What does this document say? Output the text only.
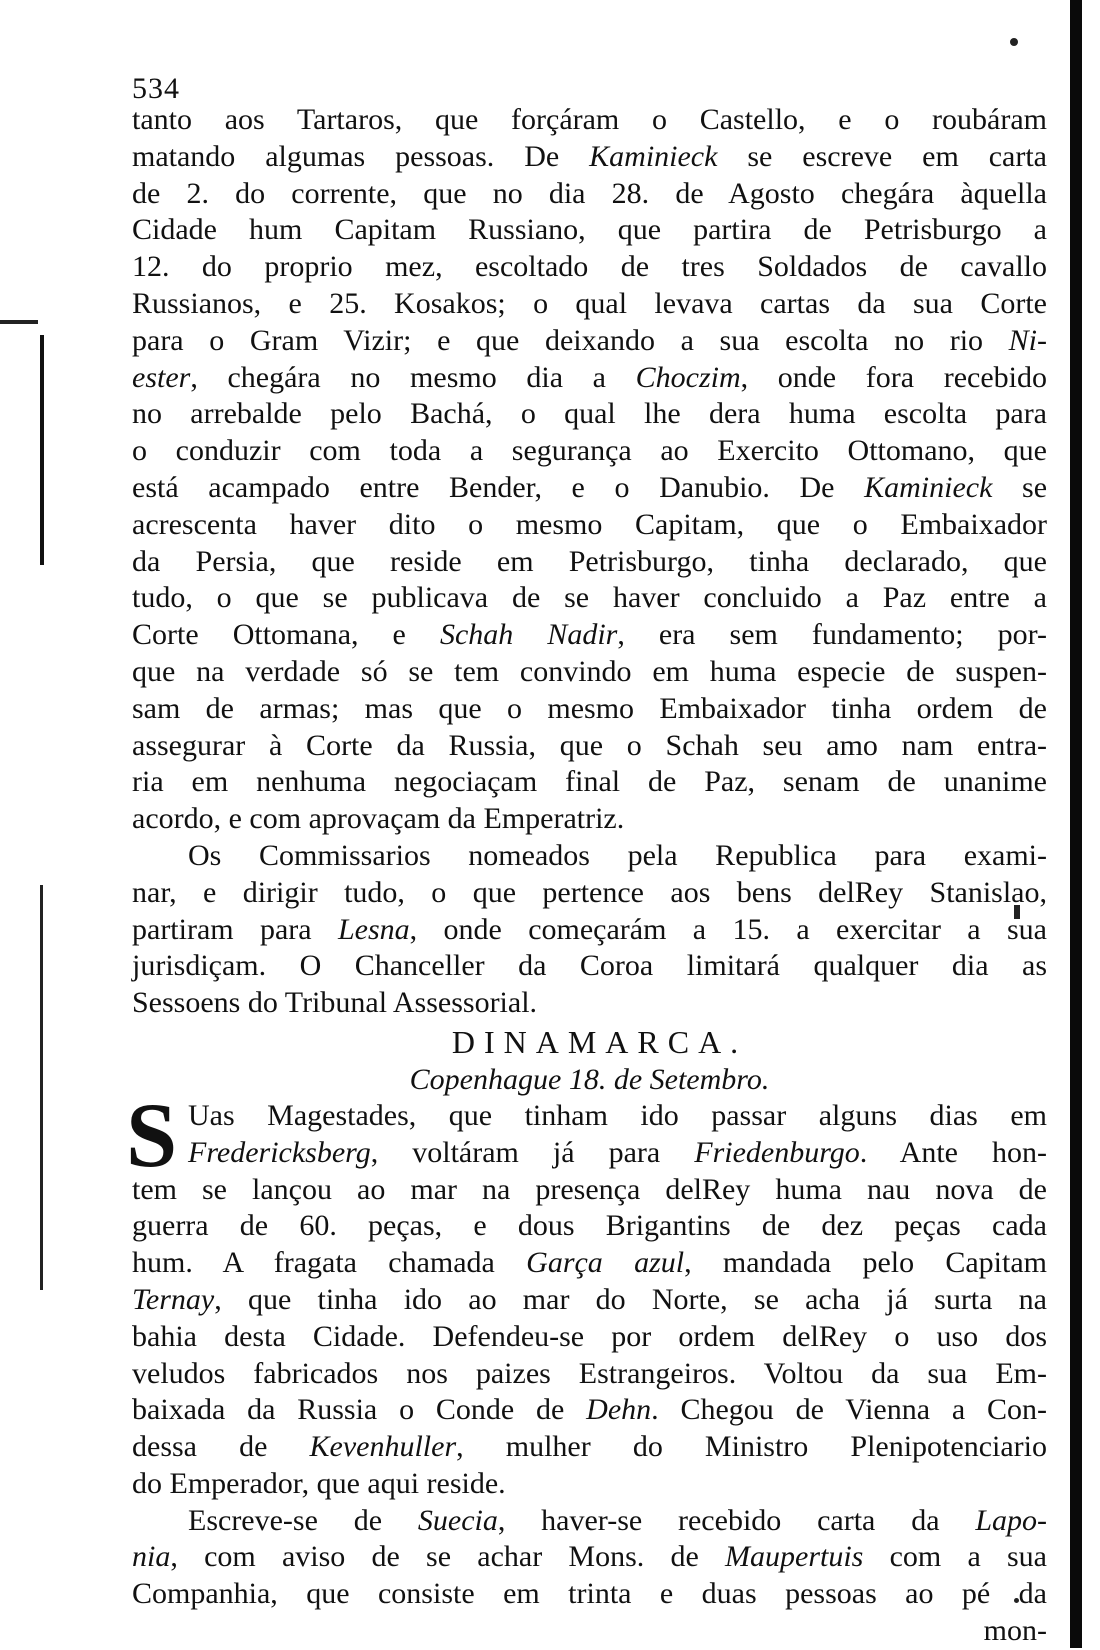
534
tanto aos Tartaros, que forçáram o Castello, e o roubáram
matando algumas pessoas. De Kaminieck se escreve em carta
de 2. do corrente, que no dia 28. de Agosto chegára àquella
Cidade hum Capitam Russiano, que partira de Petrisburgo a
12. do proprio mez, escoltado de tres Soldados de cavallo
Russianos, e 25. Kosakos; o qual levava cartas da sua Corte
para o Gram Vizir; e que deixando a sua escolta no rio Ni-
ester, chegára no mesmo dia a Choczim, onde fora recebido
no arrebalde pelo Bachá, o qual lhe dera huma escolta para
o conduzir com toda a segurança ao Exercito Ottomano, que
está acampado entre Bender, e o Danubio. De Kaminieck se
acrescenta haver dito o mesmo Capitam, que o Embaixador
da Persia, que reside em Petrisburgo, tinha declarado, que
tudo, o que se publicava de se haver concluido a Paz entre a
Corte Ottomana, e Schah Nadir, era sem fundamento; por-
que na verdade só se tem convindo em huma especie de suspen-
sam de armas; mas que o mesmo Embaixador tinha ordem de
assegurar à Corte da Russia, que o Schah seu amo nam entra-
ria em nenhuma negociaçam final de Paz, senam de unanime
acordo, e com aprovaçam da Emperatriz.
Os Commissarios nomeados pela Republica para exami-
nar, e dirigir tudo, o que pertence aos bens delRey Stanislao,
partiram para Lesna, onde começarám a 15. a exercitar a sua
jurisdiçam. O Chanceller da Coroa limitará qualquer dia as
Sessoens do Tribunal Assessorial.
DINAMARCA.
Copenhague 18. de Setembro.
S Uas Magestades, que tinham ido passar alguns dias em
Fredericksberg, voltáram já para Friedenburgo. Ante hon-
tem se lançou ao mar na presença delRey huma nau nova de
guerra de 60. peças, e dous Brigantins de dez peças cada
hum. A fragata chamada Garça azul, mandada pelo Capitam
Ternay, que tinha ido ao mar do Norte, se acha já surta na
bahia desta Cidade. Defendeu-se por ordem delRey o uso dos
veludos fabricados nos paizes Estrangeiros. Voltou da sua Em-
baixada da Russia o Conde de Dehn. Chegou de Vienna a Con-
dessa de Kevenhuller, mulher do Ministro Plenipotenciario
do Emperador, que aqui reside.
Escreve-se de Suecia, haver-se recebido carta da Lapo-
nia, com aviso de se achar Mons. de Maupertuis com a sua
Companhia, que consiste em trinta e duas pessoas ao pé da
mon-
